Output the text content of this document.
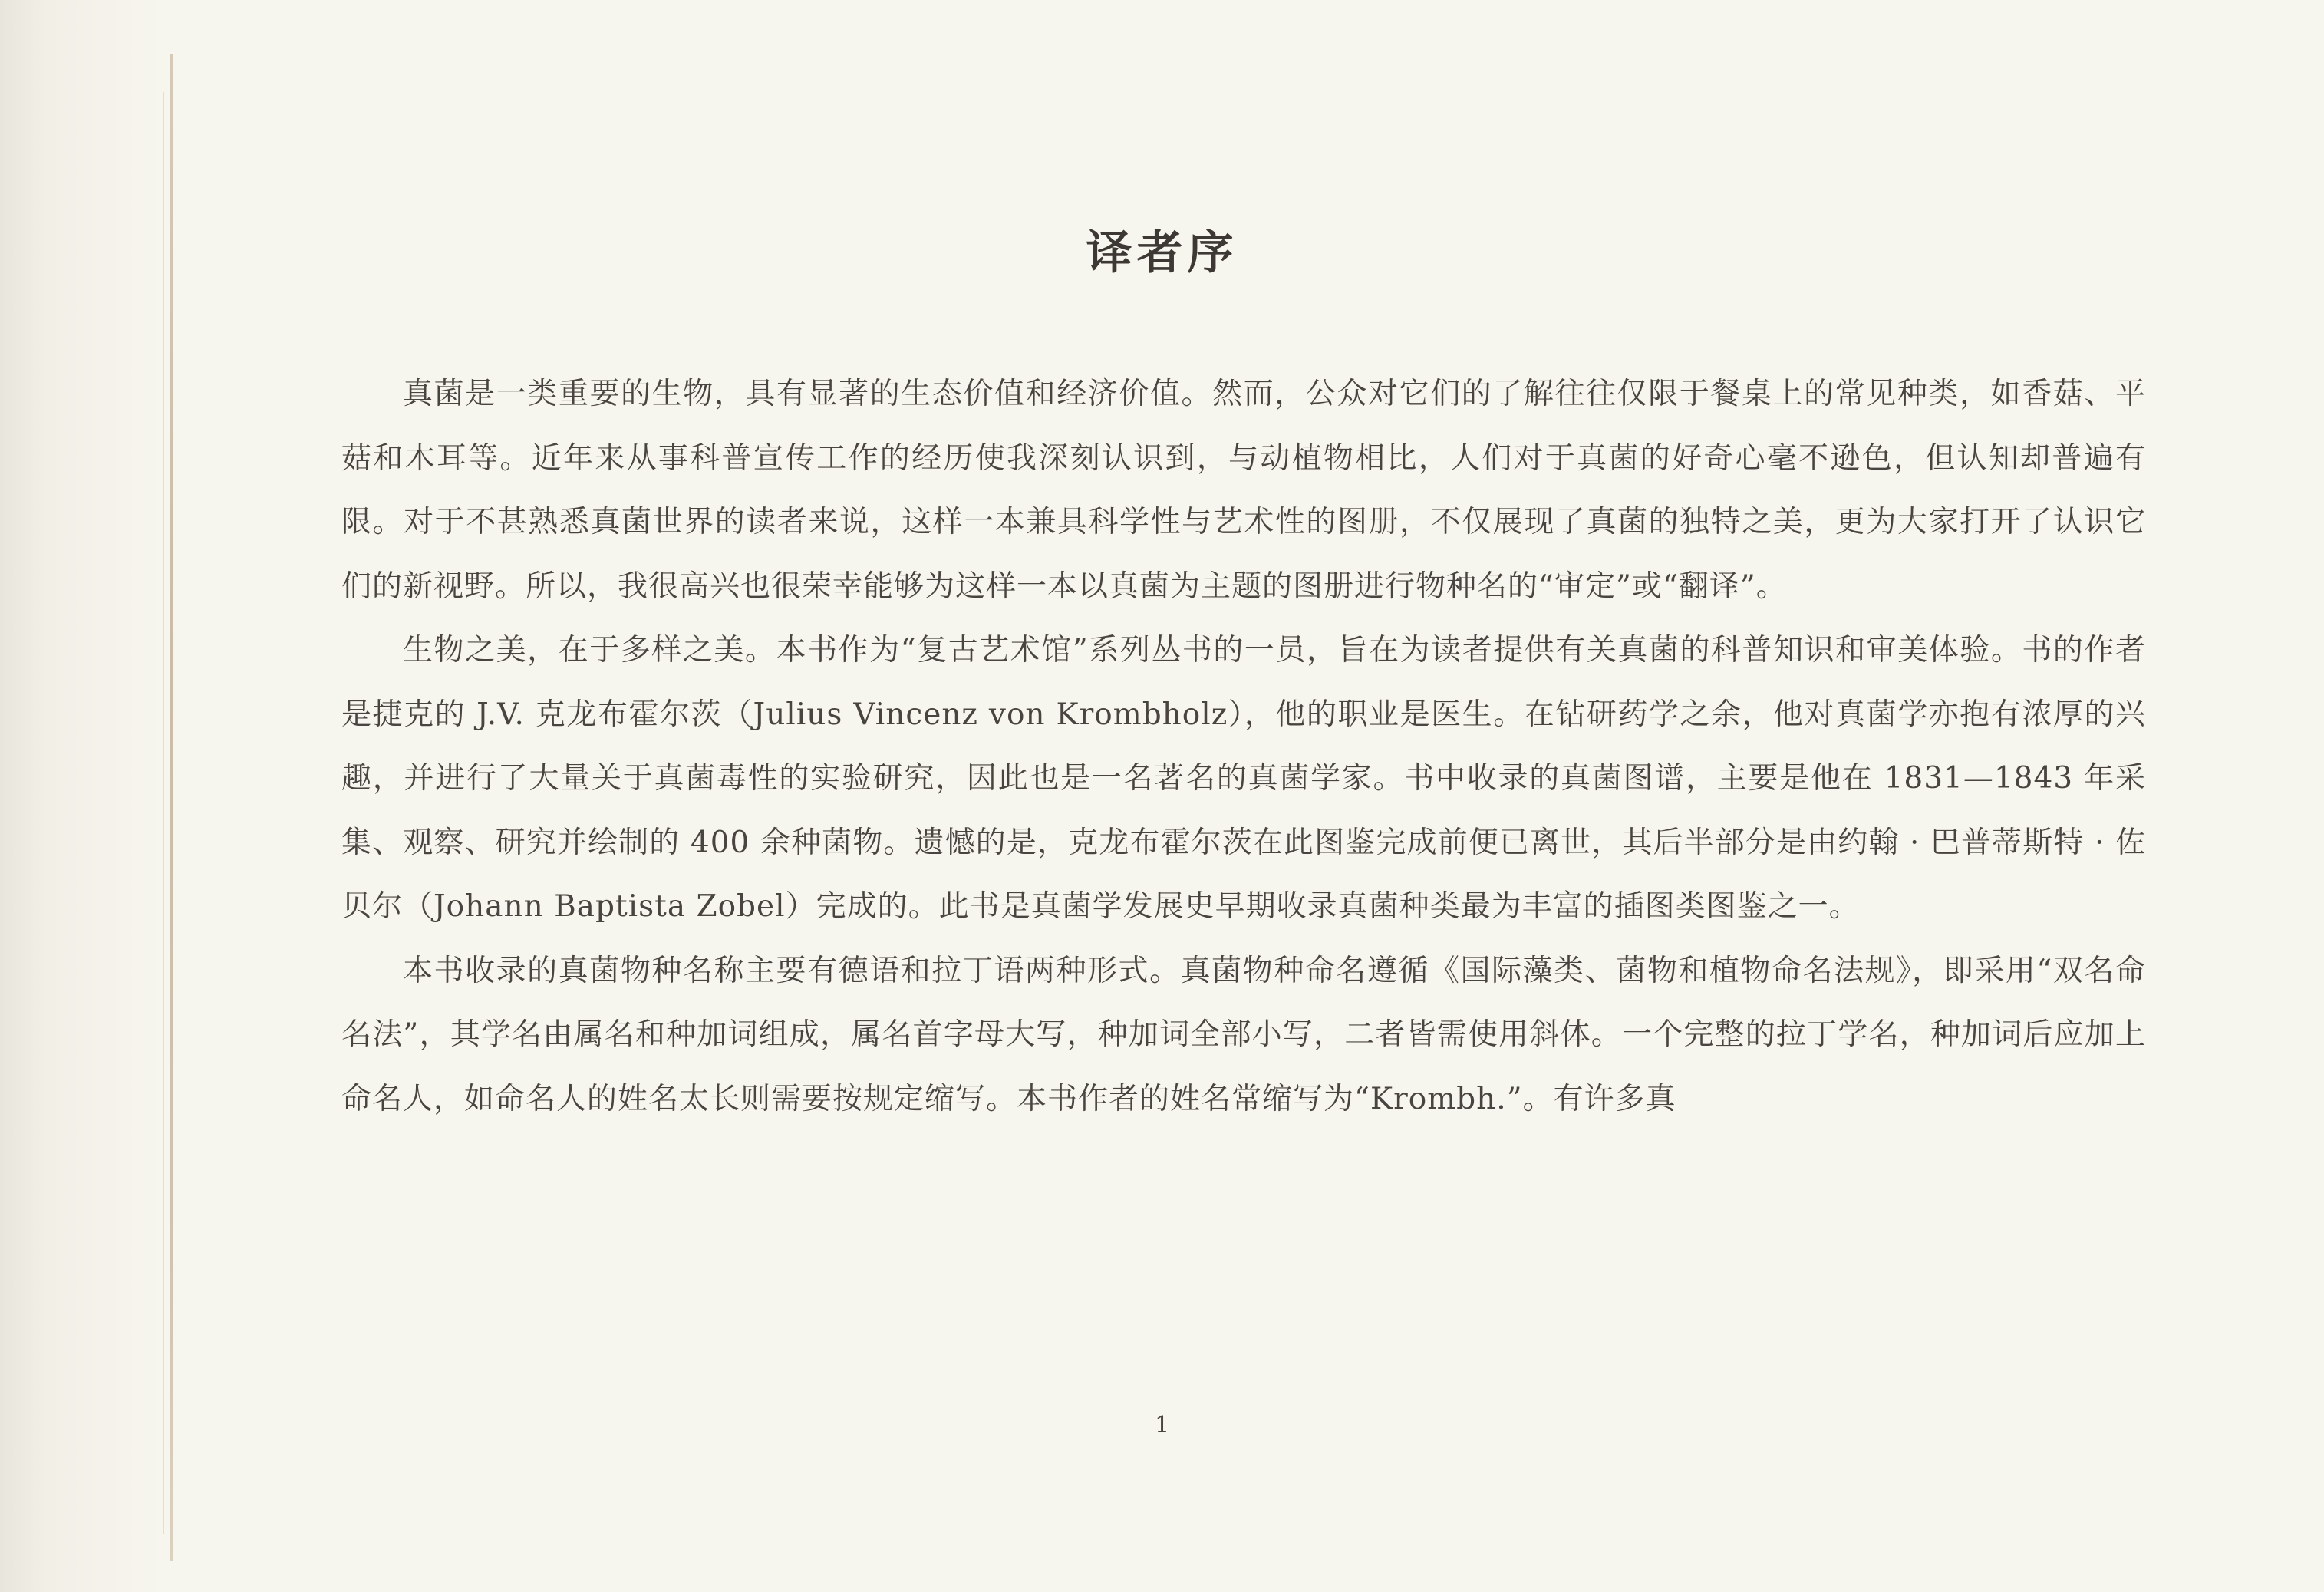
译者序

真菌是一类重要的生物，具有显著的生态价值和经济价值。然而，公众对它们的了解往往仅限于餐桌上的常见种类，如香菇、平菇和木耳等。近年来从事科普宣传工作的经历使我深刻认识到，与动植物相比，人们对于真菌的好奇心毫不逊色，但认知却普遍有限。对于不甚熟悉真菌世界的读者来说，这样一本兼具科学性与艺术性的图册，不仅展现了真菌的独特之美，更为大家打开了认识它们的新视野。所以，我很高兴也很荣幸能够为这样一本以真菌为主题的图册进行物种名的“审定”或“翻译”。

生物之美，在于多样之美。本书作为“复古艺术馆”系列丛书的一员，旨在为读者提供有关真菌的科普知识和审美体验。书的作者是捷克的 J.V. 克龙布霍尔茨（Julius Vincenz von Krombholz），他的职业是医生。在钻研药学之余，他对真菌学亦抱有浓厚的兴趣，并进行了大量关于真菌毒性的实验研究，因此也是一名著名的真菌学家。书中收录的真菌图谱，主要是他在 1831—1843 年采集、观察、研究并绘制的 400 余种菌物。遗憾的是，克龙布霍尔茨在此图鉴完成前便已离世，其后半部分是由约翰 · 巴普蒂斯特 · 佐贝尔（Johann Baptista Zobel）完成的。此书是真菌学发展史早期收录真菌种类最为丰富的插图类图鉴之一。

本书收录的真菌物种名称主要有德语和拉丁语两种形式。真菌物种命名遵循《国际藻类、菌物和植物命名法规》，即采用“双名命名法”，其学名由属名和种加词组成，属名首字母大写，种加词全部小写，二者皆需使用斜体。一个完整的拉丁学名，种加词后应加上命名人，如命名人的姓名太长则需要按规定缩写。本书作者的姓名常缩写为“Krombh.”。有许多真

1
